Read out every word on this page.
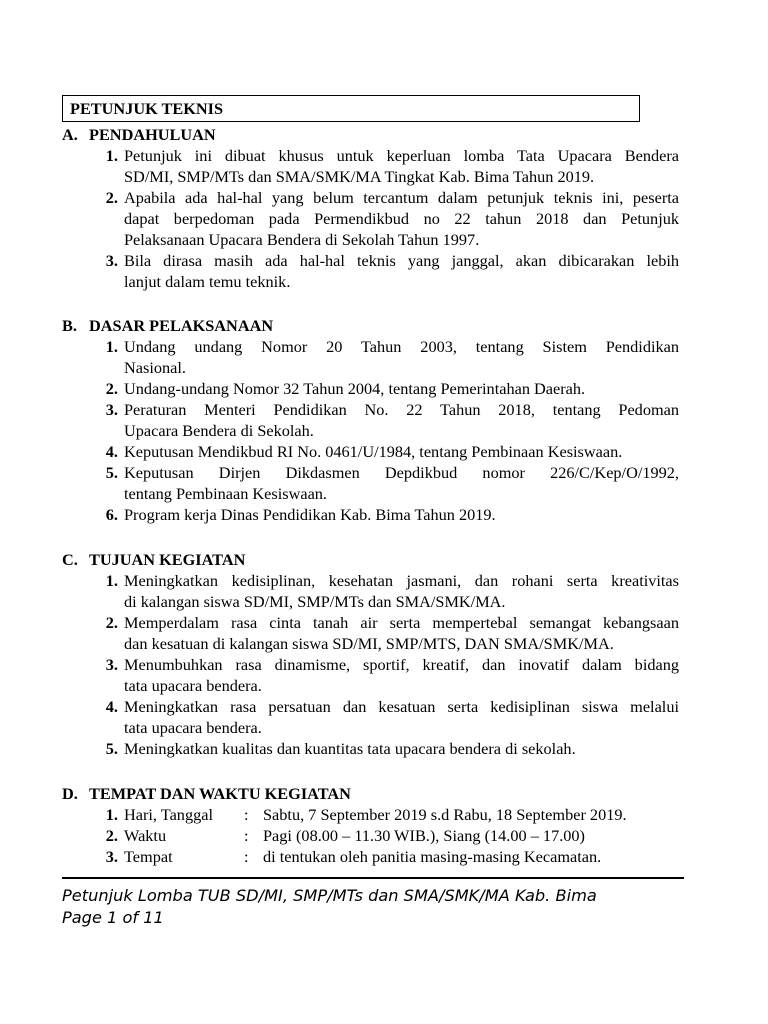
PETUNJUK TEKNIS
A. PENDAHULUAN
1. Petunjuk ini dibuat khusus untuk keperluan lomba Tata Upacara Bendera
SD/MI, SMP/MTs dan SMA/SMK/MA Tingkat Kab. Bima Tahun 2019.
2. Apabila ada hal-hal yang belum tercantum dalam petunjuk teknis ini, peserta
dapat berpedoman pada Permendikbud no 22 tahun 2018 dan Petunjuk
Pelaksanaan Upacara Bendera di Sekolah Tahun 1997.
3. Bila dirasa masih ada hal-hal teknis yang janggal, akan dibicarakan lebih
lanjut dalam temu teknik.
B. DASAR PELAKSANAAN
1. Undang undang Nomor 20 Tahun 2003, tentang Sistem Pendidikan
Nasional.
2. Undang-undang Nomor 32 Tahun 2004, tentang Pemerintahan Daerah.
3. Peraturan Menteri Pendidikan No. 22 Tahun 2018, tentang Pedoman
Upacara Bendera di Sekolah.
4. Keputusan Mendikbud RI No. 0461/U/1984, tentang Pembinaan Kesiswaan.
5. Keputusan Dirjen Dikdasmen Depdikbud nomor 226/C/Kep/O/1992,
tentang Pembinaan Kesiswaan.
6. Program kerja Dinas Pendidikan Kab. Bima Tahun 2019.
C. TUJUAN KEGIATAN
1. Meningkatkan kedisiplinan, kesehatan jasmani, dan rohani serta kreativitas
di kalangan siswa SD/MI, SMP/MTs dan SMA/SMK/MA.
2. Memperdalam rasa cinta tanah air serta mempertebal semangat kebangsaan
dan kesatuan di kalangan siswa SD/MI, SMP/MTS, DAN SMA/SMK/MA.
3. Menumbuhkan rasa dinamisme, sportif, kreatif, dan inovatif dalam bidang
tata upacara bendera.
4. Meningkatkan rasa persatuan dan kesatuan serta kedisiplinan siswa melalui
tata upacara bendera.
5. Meningkatkan kualitas dan kuantitas tata upacara bendera di sekolah.
D. TEMPAT DAN WAKTU KEGIATAN
1. Hari, Tanggal	: Sabtu, 7 September 2019 s.d Rabu, 18 September 2019.
2. Waktu	: Pagi (08.00 – 11.30 WIB.), Siang (14.00 – 17.00)
3. Tempat	: di tentukan oleh panitia masing-masing Kecamatan.
Petunjuk Lomba TUB SD/MI, SMP/MTs dan SMA/SMK/MA Kab. Bima
Page 1 of 11
